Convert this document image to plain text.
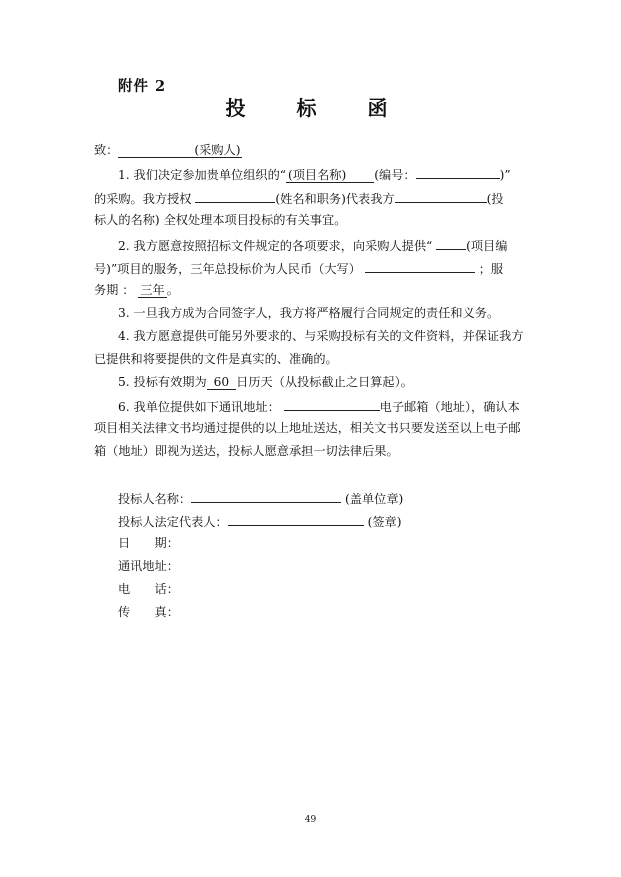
附件 2
投 标 函
致：	(采购人)
1. 我们决定参加贵单位组织的“ (项目名称) (编号：	)”
的采购。我方授权	(姓名和职务)代表我方	(投
标人的名称) 全权处理本项目投标的有关事宜。
2. 我方愿意按照招标文件规定的各项要求，向采购人提供“	(项目编
号)”项目的服务，三年总投标价为人民币（大写）	；服
务期 ： 三年 。
3. 一旦我方成为合同签字人，我方将严格履行合同规定的责任和义务。
4. 我方愿意提供可能另外要求的、与采购投标有关的文件资料，并保证我方
已提供和将要提供的文件是真实的、准确的。
5. 投标有效期为 60 日历天（从投标截止之日算起）。
6. 我单位提供如下通讯地址：	电子邮箱（地址），确认本
项目相关法律文书均通过提供的以上地址送达，相关文书只要发送至以上电子邮
箱（地址）即视为送达，投标人愿意承担一切法律后果。
投标人名称：	(盖单位章)
投标人法定代表人：	(签章)
日　　期：
通讯地址：
电　　话：
传　　真：
49
